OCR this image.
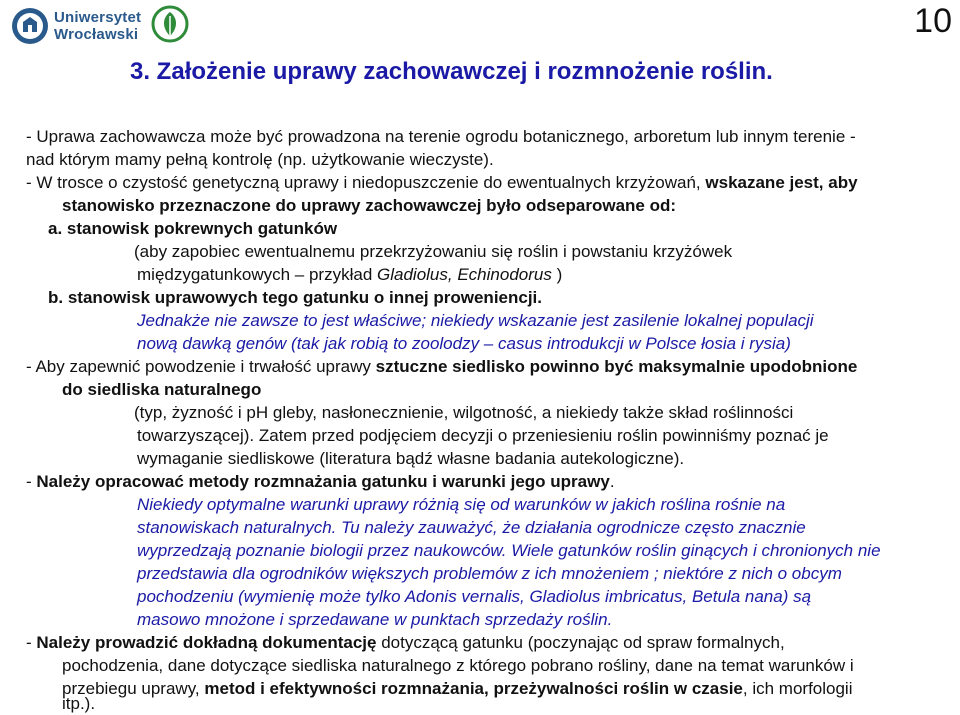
Uniwersytet
Wrocławski	10
3. Założenie uprawy zachowawczej i rozmnożenie roślin.
- Uprawa zachowawcza może być prowadzona na terenie ogrodu botanicznego, arboretum lub innym terenie -
nad którym mamy pełną kontrolę (np. użytkowanie wieczyste).
- W trosce o czystość genetyczną uprawy i niedopuszczenie do ewentualnych krzyżowań, wskazane jest, aby
stanowisko przeznaczone do uprawy zachowawczej było odseparowane od:
a. stanowisk pokrewnych gatunków
(aby zapobiec ewentualnemu przekrzyżowaniu się roślin i powstaniu krzyżówek
międzygatunkowych – przykład Gladiolus, Echinodorus )
b. stanowisk uprawowych tego gatunku o innej proweniencji.
Jednakże nie zawsze to jest właściwe; niekiedy wskazanie jest zasilenie lokalnej populacji
nową dawką genów (tak jak robią to zoolodzy – casus introdukcji w Polsce łosia i rysia)
- Aby zapewnić powodzenie i trwałość uprawy sztuczne siedlisko powinno być maksymalnie upodobnione
do siedliska naturalnego
(typ, żyzność i pH gleby, nasłonecznienie, wilgotność, a niekiedy także skład roślinności
towarzyszącej). Zatem przed podjęciem decyzji o przeniesieniu roślin powinniśmy poznać je
wymaganie siedliskowe (literatura bądź własne badania autekologiczne).
- Należy opracować metody rozmnażania gatunku i warunki jego uprawy.
Niekiedy optymalne warunki uprawy różnią się od warunków w jakich roślina rośnie na
stanowiskach naturalnych. Tu należy zauważyć, że działania ogrodnicze często znacznie
wyprzedzają poznanie biologii przez naukowców. Wiele gatunków roślin ginących i chronionych nie
przedstawia dla ogrodników większych problemów z ich mnożeniem ; niektóre z nich o obcym
pochodzeniu (wymienię może tylko Adonis vernalis, Gladiolus imbricatus, Betula nana) są
masowo mnożone i sprzedawane w punktach sprzedaży roślin.
- Należy prowadzić dokładną dokumentację dotyczącą gatunku (poczynając od spraw formalnych,
pochodzenia, dane dotyczące siedliska naturalnego z którego pobrano rośliny, dane na temat warunków i
przebiegu uprawy, metod i efektywności rozmnażania, przeżywalności roślin w czasie, ich morfologii
itp.).
